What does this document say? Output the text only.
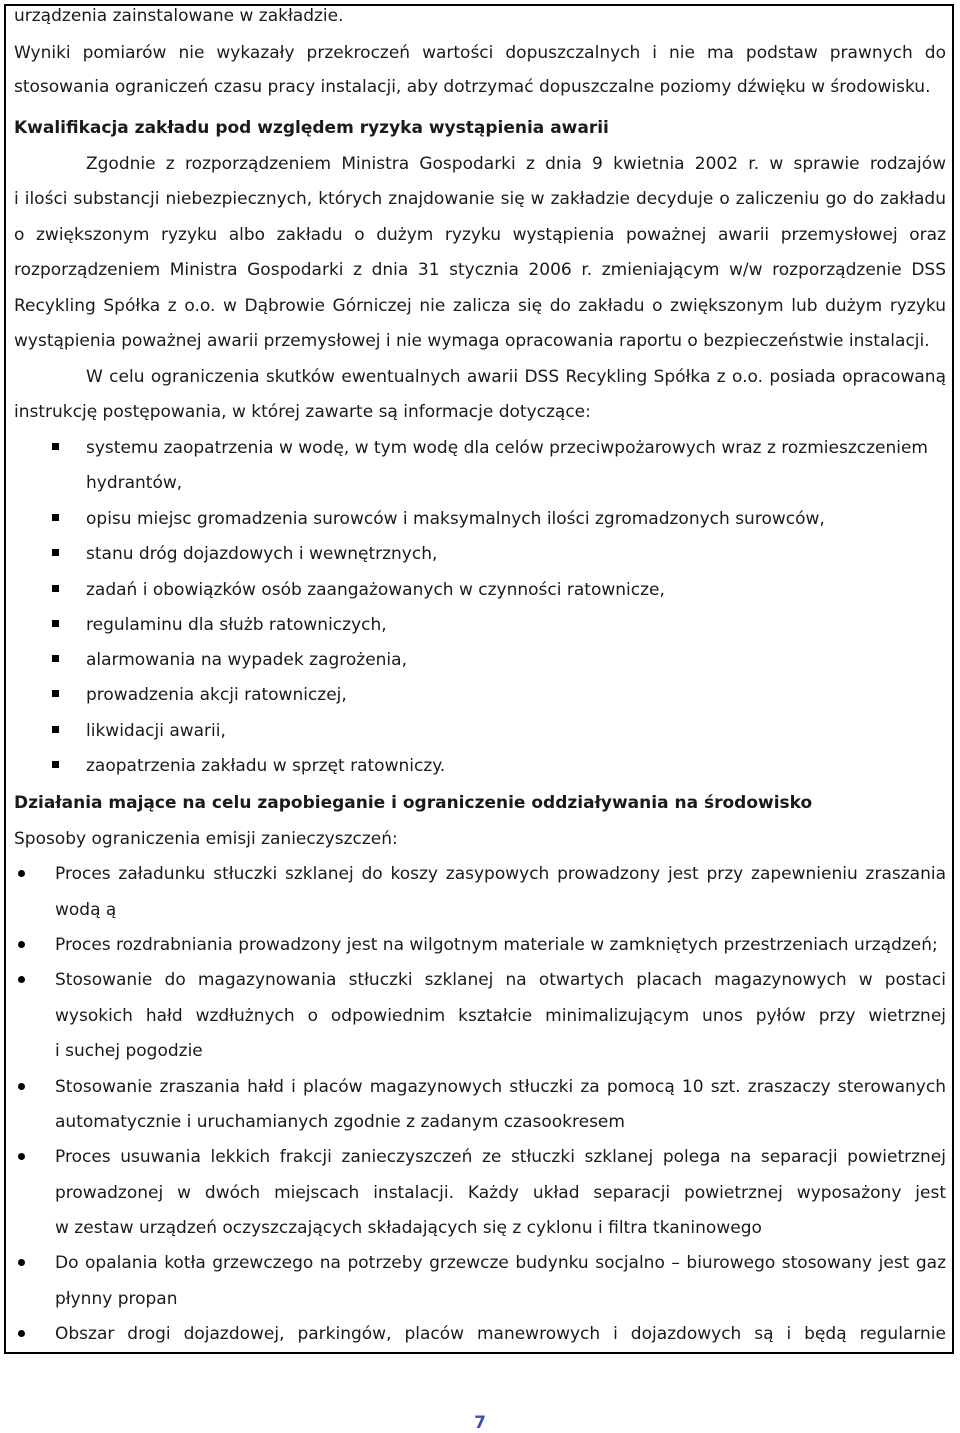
urządzenia zainstalowane w zakładzie.
Wyniki pomiarów nie wykazały przekroczeń wartości dopuszczalnych i nie ma podstaw prawnych do
stosowania ograniczeń czasu pracy instalacji, aby dotrzymać dopuszczalne poziomy dźwięku w środowisku.
Kwalifikacja zakładu pod względem ryzyka wystąpienia awarii
Zgodnie z rozporządzeniem Ministra Gospodarki z dnia 9 kwietnia 2002 r. w sprawie rodzajów
i ilości substancji niebezpiecznych, których znajdowanie się w zakładzie decyduje o zaliczeniu go do zakładu
o zwiększonym ryzyku albo zakładu o dużym ryzyku wystąpienia poważnej awarii przemysłowej oraz
rozporządzeniem Ministra Gospodarki z dnia 31 stycznia 2006 r. zmieniającym w/w rozporządzenie DSS
Recykling Spółka z o.o. w Dąbrowie Górniczej nie zalicza się do zakładu o zwiększonym lub dużym ryzyku
wystąpienia poważnej awarii przemysłowej i nie wymaga opracowania raportu o bezpieczeństwie instalacji.
W celu ograniczenia skutków ewentualnych awarii DSS Recykling Spółka z o.o. posiada opracowaną
instrukcję postępowania, w której zawarte są informacje dotyczące:
systemu zaopatrzenia w wodę, w tym wodę dla celów przeciwpożarowych wraz z rozmieszczeniem
hydrantów,
opisu miejsc gromadzenia surowców i maksymalnych ilości zgromadzonych surowców,
stanu dróg dojazdowych i wewnętrznych,
zadań i obowiązków osób zaangażowanych w czynności ratownicze,
regulaminu dla służb ratowniczych,
alarmowania na wypadek zagrożenia,
prowadzenia akcji ratowniczej,
likwidacji awarii,
zaopatrzenia zakładu w sprzęt ratowniczy.
Działania mające na celu zapobieganie i ograniczenie oddziaływania na środowisko
Sposoby ograniczenia emisji zanieczyszczeń:
Proces załadunku stłuczki szklanej do koszy zasypowych prowadzony jest przy zapewnieniu zraszania
wodą ą
Proces rozdrabniania prowadzony jest na wilgotnym materiale w zamkniętych przestrzeniach urządzeń;
Stosowanie do magazynowania stłuczki szklanej na otwartych placach magazynowych w postaci
wysokich hałd wzdłużnych o odpowiednim kształcie minimalizującym unos pyłów przy wietrznej
i suchej pogodzie
Stosowanie zraszania hałd i placów magazynowych stłuczki za pomocą 10 szt. zraszaczy sterowanych
automatycznie i uruchamianych zgodnie z zadanym czasookresem
Proces usuwania lekkich frakcji zanieczyszczeń ze stłuczki szklanej polega na separacji powietrznej
prowadzonej w dwóch miejscach instalacji. Każdy układ separacji powietrznej wyposażony jest
w zestaw urządzeń oczyszczających składających się z cyklonu i filtra tkaninowego
Do opalania kotła grzewczego na potrzeby grzewcze budynku socjalno – biurowego stosowany jest gaz
płynny propan
Obszar drogi dojazdowej, parkingów, placów manewrowych i dojazdowych są i będą regularnie
7
